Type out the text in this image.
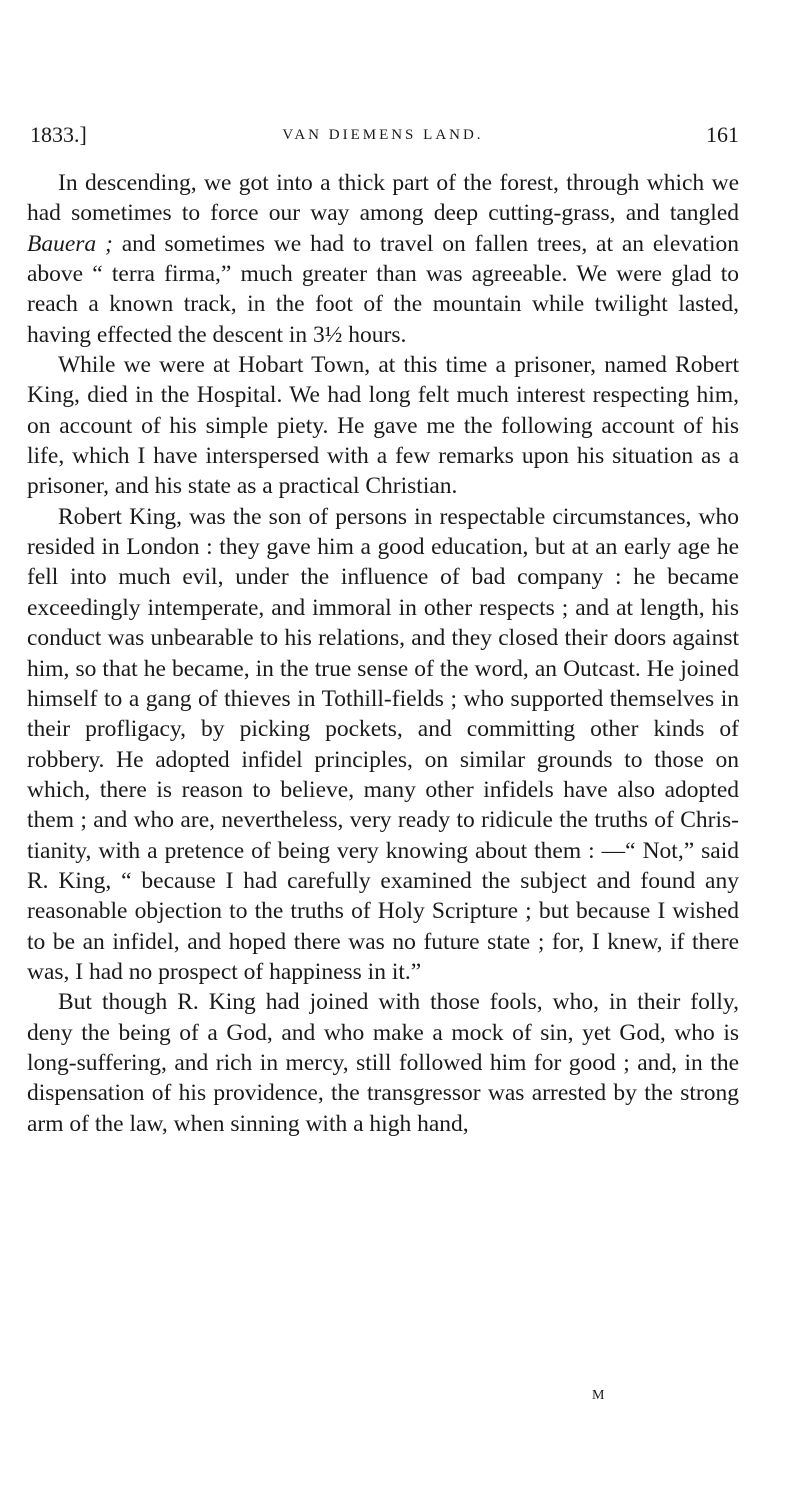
1833.]	VAN DIEMENS LAND.	161

In descending, we got into a thick part of the forest, through which we had sometimes to force our way among deep cutting-grass, and tangled Bauera ; and sometimes we had to travel on fallen trees, at an elevation above “ terra firma,” much greater than was agreeable. We were glad to reach a known track, in the foot of the mountain while twilight lasted, having effected the descent in 3½ hours.

While we were at Hobart Town, at this time a prisoner, named Robert King, died in the Hospital. We had long felt much interest respecting him, on account of his simple piety. He gave me the following account of his life, which I have interspersed with a few remarks upon his situation as a prisoner, and his state as a practical Christian.

Robert King, was the son of persons in respectable circumstances, who resided in London : they gave him a good education, but at an early age he fell into much evil, under the influence of bad company : he became exceedingly intemperate, and immoral in other respects ; and at length, his conduct was unbearable to his relations, and they closed their doors against him, so that he became, in the true sense of the word, an Outcast. He joined himself to a gang of thieves in Tothill-fields ; who supported themselves in their profligacy, by picking pockets, and committing other kinds of robbery. He adopted infidel principles, on similar grounds to those on which, there is reason to believe, many other infidels have also adopted them ; and who are, nevertheless, very ready to ridicule the truths of Christianity, with a pretence of being very knowing about them : —“ Not,” said R. King, “ because I had carefully examined the subject and found any reasonable objection to the truths of Holy Scripture ; but because I wished to be an infidel, and hoped there was no future state ; for, I knew, if there was, I had no prospect of happiness in it.”

But though R. King had joined with those fools, who, in their folly, deny the being of a God, and who make a mock of sin, yet God, who is long-suffering, and rich in mercy, still followed him for good ; and, in the dispensation of his providence, the transgressor was arrested by the strong arm of the law, when sinning with a high hand,

M
